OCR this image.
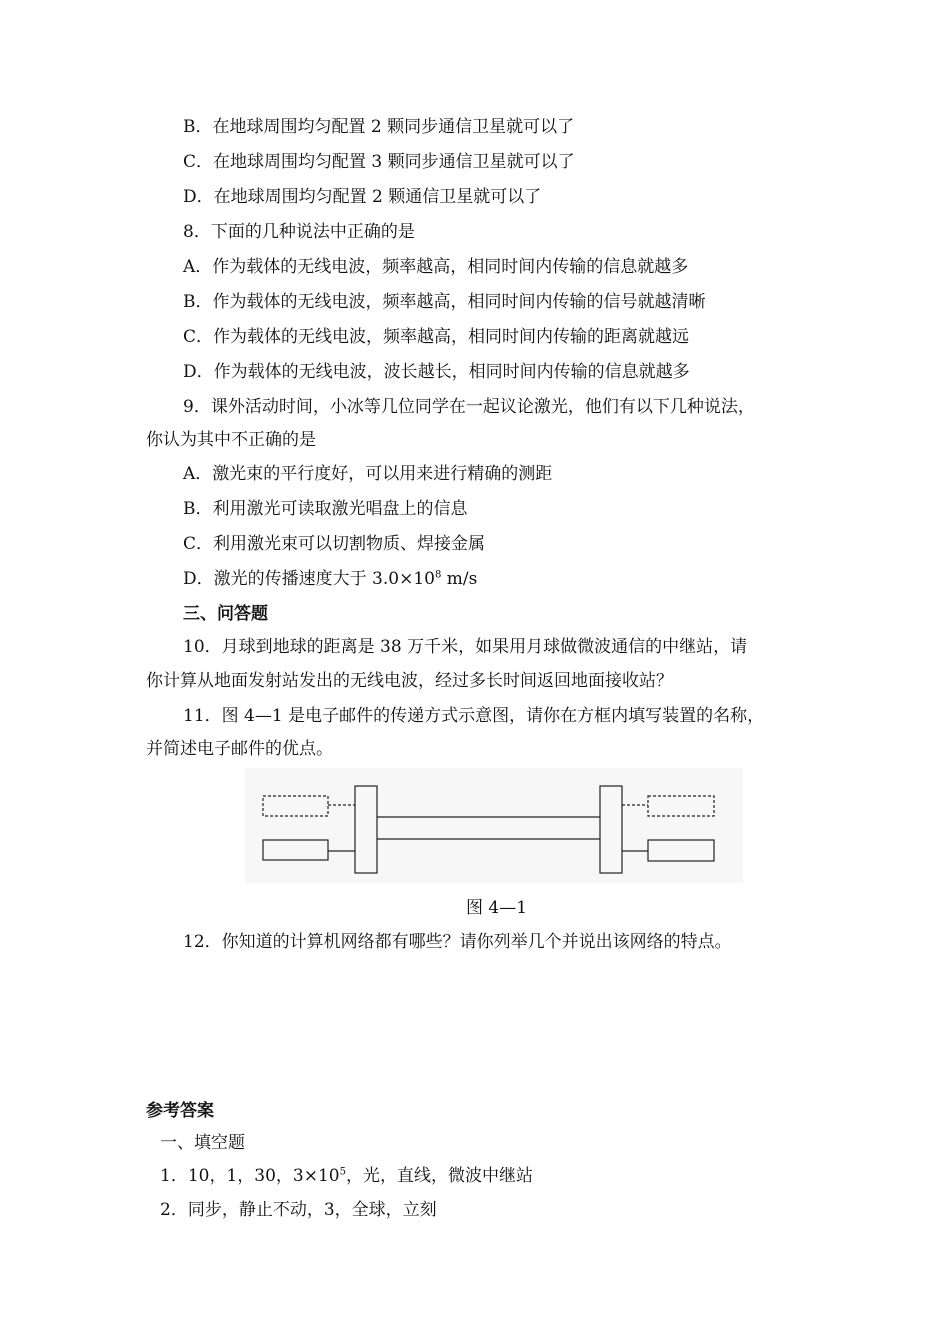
B．在地球周围均匀配置 2 颗同步通信卫星就可以了
C．在地球周围均匀配置 3 颗同步通信卫星就可以了
D．在地球周围均匀配置 2 颗通信卫星就可以了
8．下面的几种说法中正确的是
A．作为载体的无线电波，频率越高，相同时间内传输的信息就越多
B．作为载体的无线电波，频率越高，相同时间内传输的信号就越清晰
C．作为载体的无线电波，频率越高，相同时间内传输的距离就越远
D．作为载体的无线电波，波长越长，相同时间内传输的信息就越多
9．课外活动时间，小冰等几位同学在一起议论激光，他们有以下几种说法，
你认为其中不正确的是
A．激光束的平行度好，可以用来进行精确的测距
B．利用激光可读取激光唱盘上的信息
C．利用激光束可以切割物质、焊接金属
D．激光的传播速度大于 $3.0\times 10^8$ m/s
三、问答题
10．月球到地球的距离是 38 万千米，如果用月球做微波通信的中继站，请
你计算从地面发射站发出的无线电波，经过多长时间返回地面接收站？
11．图 4—1 是电子邮件的传递方式示意图，请你在方框内填写装置的名称，
并简述电子邮件的优点。
图 4—1
12．你知道的计算机网络都有哪些？请你列举几个并说出该网络的特点。
参考答案
一、填空题
1．10，1，30，$3\times 10^5$，光，直线，微波中继站
2．同步，静止不动，3，全球，立刻
